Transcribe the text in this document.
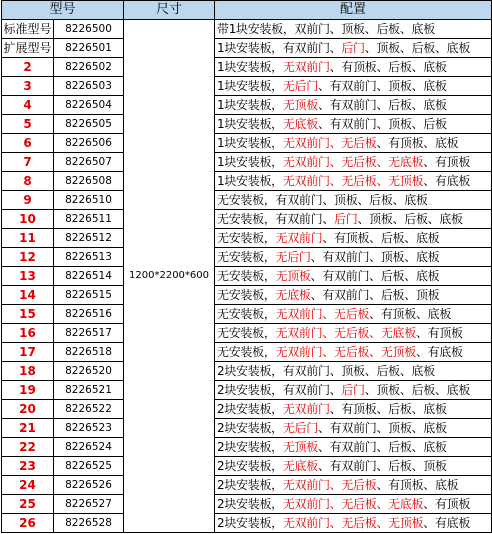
型号		尺寸	配置
标准型号	8226500	1200*2200*600	带1块安装板，双前门、顶板、后板、底板
扩展型号	8226501		1块安装板，有双前门、后门、顶板、后板、底板
2	8226502		1块安装板，无双前门、有顶板、后板、底板
3	8226503		1块安装板，无后门、有双前门、顶板、底板
4	8226504		1块安装板，无顶板、有双前门、后板、底板
5	8226505		1块安装板，无底板、有双前门、顶板、后板
6	8226506		1块安装板，无双前门、无后板、有顶板、底板
7	8226507		1块安装板，无双前门、无后板、无底板、有顶板
8	8226508		1块安装板，无双前门、无后板、无顶板、有底板
9	8226510		无安装板，有双前门、顶板、后板、底板
10	8226511		无安装板，有双前门、后门、顶板、后板、底板
11	8226512		无安装板，无双前门、有顶板、后板、底板
12	8226513		无安装板，无后门、有双前门、顶板、底板
13	8226514		无安装板，无顶板、有双前门、后板、底板
14	8226515		无安装板，无底板、有双前门、后板、顶板
15	8226516		无安装板，无双前门、无后板、有顶板、底板
16	8226517		无安装板，无双前门、无后板、无底板、有顶板
17	8226518		无安装板，无双前门、无后板、无顶板、有底板
18	8226520		2块安装板，有双前门、顶板、后板、底板
19	8226521		2块安装板，有双前门、后门、顶板、后板、底板
20	8226522		2块安装板，无双前门、有顶板、后板、底板
21	8226523		2块安装板，无后门、有双前门、顶板、底板
22	8226524		2块安装板，无顶板、有双前门、后板、底板
23	8226525		2块安装板，无底板、有双前门、后板、顶板
24	8226526		2块安装板，无双前门、无后板、有顶板、底板
25	8226527		2块安装板，无双前门、无后板、无底板、有顶板
26	8226528		2块安装板，无双前门、无后板、无顶板、有底板
